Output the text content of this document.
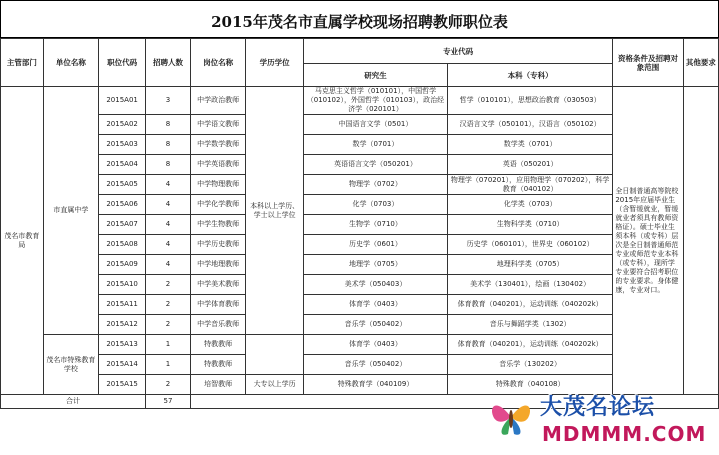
2015年茂名市直属学校现场招聘教师职位表
主管部门	单位名称	职位代码	招聘人数	岗位名称	学历学位	专业代码		资格条件及招聘对象范围	其他要求
						研究生	本科（专科）		
茂名市教育局	市直属中学	2015A01	3	中学政治教师	本科以上学历、学士以上学位	马克思主义哲学（010101），中国哲学（010102），外国哲学（010103），政治经济学（020101）	哲学（010101），思想政治教育（030503）	全日制普通高等院校2015年应届毕业生（含暂缓就业，暂缓就业者须具有教师资格证）。硕士毕业生须本科（或专科）层次是全日制普通师范专业或师范专业本科（或专科），现所学专业要符合招考职位的专业要求。身体健康，专业对口。	
		2015A02	8	中学语文教师		中国语言文学（0501）	汉语言文学（050101），汉语言（050102）		
		2015A03	8	中学数学教师		数学（0701）	数学类（0701）		
		2015A04	8	中学英语教师		英语语言文学（050201）	英语（050201）		
		2015A05	4	中学物理教师		物理学（0702）	物理学（070201），应用物理学（070202），科学教育（040102）		
		2015A06	4	中学化学教师		化学（0703）	化学类（0703）		
		2015A07	4	中学生物教师		生物学（0710）	生物科学类（0710）		
		2015A08	4	中学历史教师		历史学（0601）	历史学（060101），世界史（060102）		
		2015A09	4	中学地理教师		地理学（0705）	地理科学类（0705）		
		2015A10	2	中学美术教师		美术学（050403）	美术学（130401），绘画（130402）		
		2015A11	2	中学体育教师		体育学（0403）	体育教育（040201），运动训练（040202k）		
		2015A12	2	中学音乐教师		音乐学（050402）	音乐与舞蹈学类（1302）		
	茂名市特殊教育学校	2015A13	1	特教教师		体育学（0403）	体育教育（040201），运动训练（040202k）		
		2015A14	1	特教教师		音乐学（050402）	音乐学（130202）		
		2015A15	2	培智教师	大专以上学历	特殊教育学（040109）	特殊教育（040108）		
合计			57							大茂名论坛
MDMMM.COM
